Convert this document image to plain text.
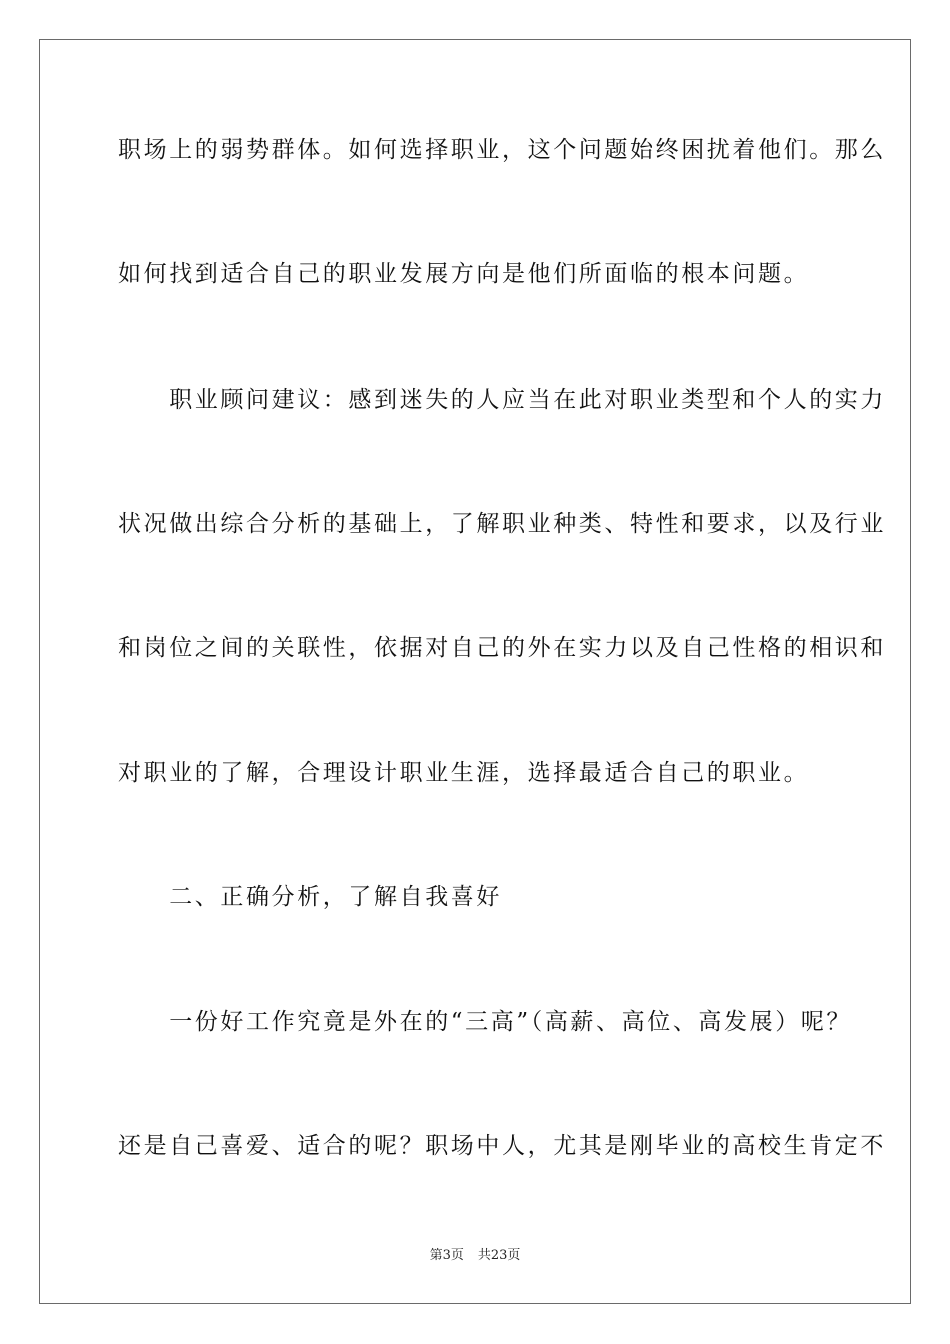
职场上的弱势群体。如何选择职业，这个问题始终困扰着他们。那么
如何找到适合自己的职业发展方向是他们所面临的根本问题。
　　职业顾问建议：感到迷失的人应当在此对职业类型和个人的实力
状况做出综合分析的基础上，了解职业种类、特性和要求，以及行业
和岗位之间的关联性，依据对自己的外在实力以及自己性格的相识和
对职业的了解，合理设计职业生涯，选择最适合自己的职业。
　　二、正确分析，了解自我喜好
　　一份好工作究竟是外在的“三高”（高薪、高位、高发展）呢？
还是自己喜爱、适合的呢？职场中人，尤其是刚毕业的高校生肯定不
第3页 共23页
